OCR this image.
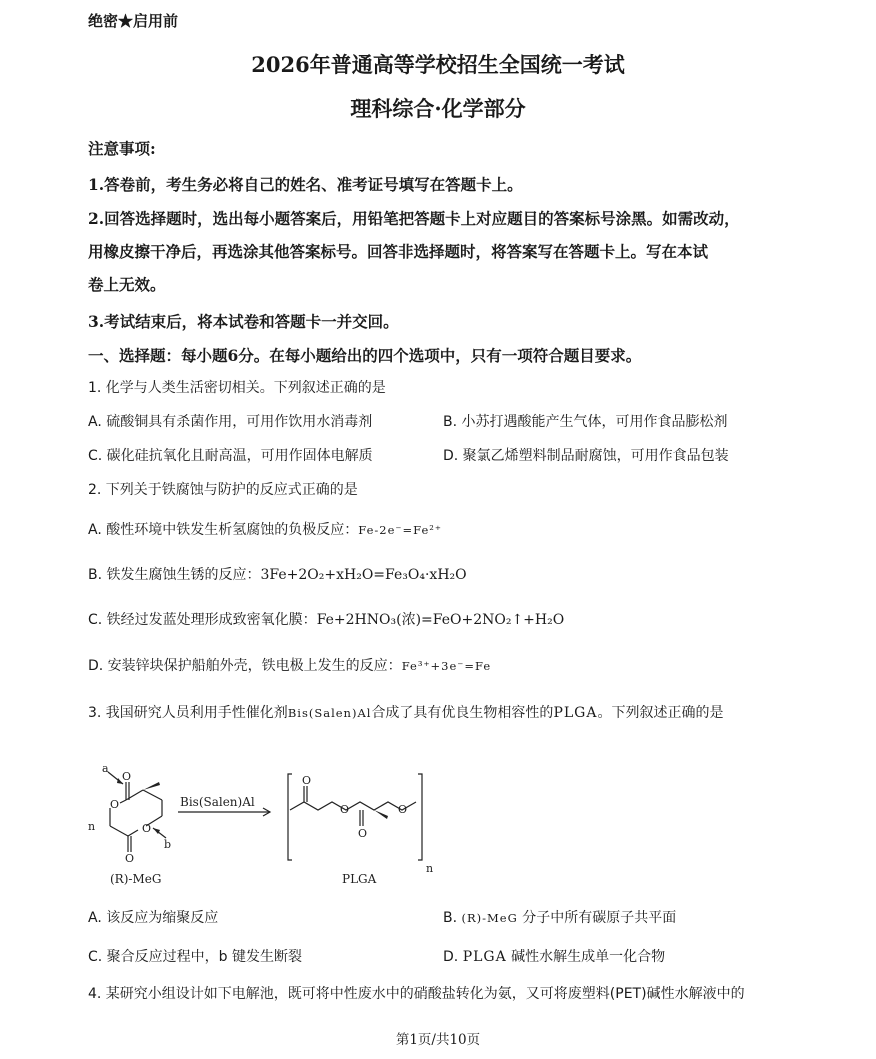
绝密★启用前
2026年普通高等学校招生全国统一考试
理科综合·化学部分
注意事项:
1.答卷前，考生务必将自己的姓名、准考证号填写在答题卡上。
2.回答选择题时，选出每小题答案后，用铅笔把答题卡上对应题目的答案标号涂黑。如需改动，
用橡皮擦干净后，再选涂其他答案标号。回答非选择题时，将答案写在答题卡上。写在本试
卷上无效。
3.考试结束后，将本试卷和答题卡一并交回。
一、选择题：每小题6分。在每小题给出的四个选项中，只有一项符合题目要求。
1. 化学与人类生活密切相关。下列叙述正确的是
A. 硫酸铜具有杀菌作用，可用作饮用水消毒剂	B. 小苏打遇酸能产生气体，可用作食品膨松剂
C. 碳化硅抗氧化且耐高温，可用作固体电解质	D. 聚氯乙烯塑料制品耐腐蚀，可用作食品包装
2. 下列关于铁腐蚀与防护的反应式正确的是
A. 酸性环境中铁发生析氢腐蚀的负极反应：Fe-2e⁻=Fe²⁺
B. 铁发生腐蚀生锈的反应：3Fe+2O₂+xH₂O=Fe₃O₄·xH₂O
C. 铁经过发蓝处理形成致密氧化膜：Fe+2HNO₃(浓)=FeO+2NO₂↑+H₂O
D. 安装锌块保护船舶外壳，铁电极上发生的反应：Fe³⁺+3e⁻=Fe
3. 我国研究人员利用手性催化剂Bis(Salen)Al合成了具有优良生物相容性的PLGA。下列叙述正确的是
O
O
O
O
O
O
O
O
a
b
n
n
Bis(Salen)Al
(R)-MeG	PLGA
A. 该反应为缩聚反应	B. (R)-MeG 分子中所有碳原子共平面
C. 聚合反应过程中，b 键发生断裂	D. PLGA 碱性水解生成单一化合物
4. 某研究小组设计如下电解池，既可将中性废水中的硝酸盐转化为氨，又可将废塑料(PET)碱性水解液中的
第1页/共10页
